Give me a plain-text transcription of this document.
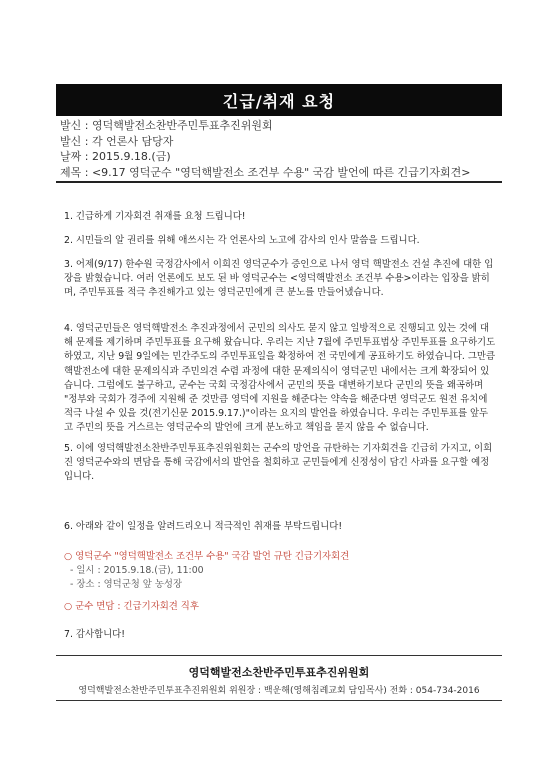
긴급/취재 요청
발신 : 영덕핵발전소찬반주민투표추진위원회
발신 : 각 언론사 담당자
날짜 : 2015.9.18.(금)
제목 : <9.17 영덕군수 "영덕핵발전소 조건부 수용" 국감 발언에 따른 긴급기자회견>

1. 긴급하게 기자회견 취재를 요청 드립니다!

2. 시민들의 알 권리를 위해 애쓰시는 각 언론사의 노고에 감사의 인사 말씀을 드립니다.

3. 어제(9/17) 한수원 국정감사에서 이희진 영덕군수가 증인으로 나서 영덕 핵발전소 건설 추진에 대한 입장을 밝혔습니다. 여러 언론에도 보도 된 바 영덕군수는 <영덕핵발전소 조건부 수용>이라는 입장을 밝히며, 주민투표를 적극 추진해가고 있는 영덕군민에게 큰 분노를 만들어냈습니다.

4. 영덕군민들은 영덕핵발전소 추진과정에서 군민의 의사도 묻지 않고 일방적으로 진행되고 있는 것에 대해 문제를 제기하며 주민투표를 요구해 왔습니다. 우리는 지난 7월에 주민투표법상 주민투표를 요구하기도 하였고, 지난 9월 9일에는 민간주도의 주민투표일을 확정하여 전 국민에게 공표하기도 하였습니다. 그만큼 핵발전소에 대한 문제의식과 주민의견 수렴 과정에 대한 문제의식이 영덕군민 내에서는 크게 확장되어 있습니다. 그럼에도 불구하고, 군수는 국회 국정감사에서 군민의 뜻을 대변하기보다 군민의 뜻을 왜곡하며 "정부와 국회가 경주에 지원해 준 것만큼 영덕에 지원을 해준다는 약속을 해준다면 영덕군도 원전 유치에 적극 나설 수 있을 것(전기신문 2015.9.17.)"이라는 요지의 발언을 하였습니다. 우리는 주민투표를 앞두고 주민의 뜻을 거스르는 영덕군수의 발언에 크게 분노하고 책임을 묻지 않을 수 없습니다.

5. 이에 영덕핵발전소찬반주민투표추진위원회는 군수의 망언을 규탄하는 기자회견을 긴급히 가지고, 이희진 영덕군수와의 면담을 통해 국감에서의 발언을 철회하고 군민들에게 신정성이 담긴 사과를 요구할 예정입니다.

6. 아래와 같이 일정을 알려드리오니 적극적인 취재를 부탁드립니다!

○ 영덕군수 "영덕핵발전소 조건부 수용" 국감 발언 규탄 긴급기자회견
- 일시 : 2015.9.18.(금), 11:00
- 장소 : 영덕군청 앞 농성장
○ 군수 면담 : 긴급기자회견 직후

7. 감사합니다!

영덕핵발전소찬반주민투표추진위원회
영덕핵발전소찬반주민투표추진위원회 위원장 : 백운해(영해침례교회 담임목사) 전화 : 054-734-2016
